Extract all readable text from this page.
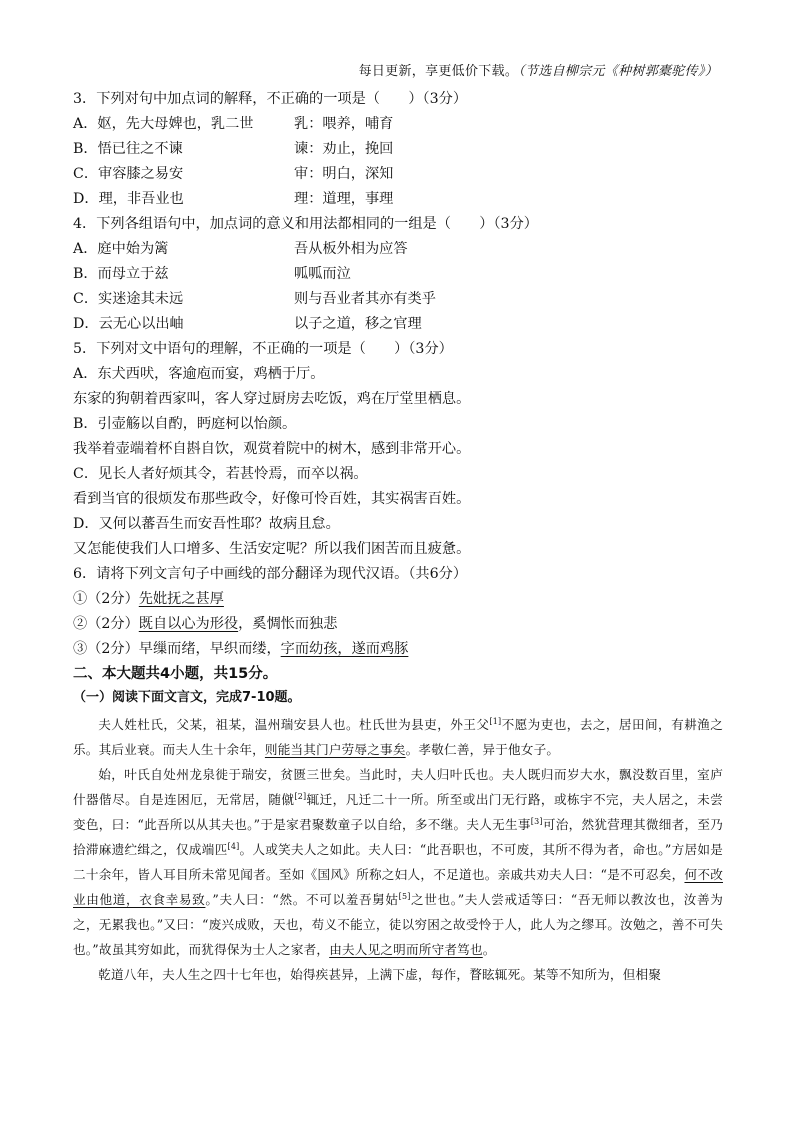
每日更新，享更低价下载。（节选自柳宗元《种树郭橐驼传》）
3．下列对句中加点词的解释，不正确的一项是（　　）（3分）
A．妪，先大母婢也，乳二世	乳：喂养，哺育
B．悟已往之不谏	谏：劝止，挽回
C．审容膝之易安	审：明白，深知
D．理，非吾业也	理：道理，事理
4．下列各组语句中，加点词的意义和用法都相同的一组是（　　）（3分）
A．庭中始为篱	吾从板外相为应答
B．而母立于兹	呱呱而泣
C．实迷途其未远	则与吾业者其亦有类乎
D．云无心以出岫	以子之道，移之官理
5．下列对文中语句的理解，不正确的一项是（　　）（3分）
A．东犬西吠，客逾庖而宴，鸡栖于厅。
东家的狗朝着西家叫，客人穿过厨房去吃饭，鸡在厅堂里栖息。
B．引壶觞以自酌，眄庭柯以怡颜。
我举着壶端着杯自斟自饮，观赏着院中的树木，感到非常开心。
C．见长人者好烦其令，若甚怜焉，而卒以祸。
看到当官的很烦发布那些政令，好像可怜百姓，其实祸害百姓。
D．又何以蕃吾生而安吾性耶？故病且怠。
又怎能使我们人口增多、生活安定呢？所以我们困苦而且疲惫。
6．请将下列文言句子中画线的部分翻译为现代汉语。（共6分）
①（2分）先妣抚之甚厚
②（2分）既自以心为形役，奚惆怅而独悲
③（2分）早缫而绪，早织而缕，字而幼孩，遂而鸡豚
二、本大题共4小题，共15分。
（一）阅读下面文言文，完成7-10题。

夫人姓杜氏，父某，祖某，温州瑞安县人也。杜氏世为县吏，外王父[1]不愿为吏也，去之，居田间，有耕渔之乐。其后业衰。而夫人生十余年，则能当其门户劳辱之事矣。孝敬仁善，异于他女子。

始，叶氏自处州龙泉徙于瑞安，贫匮三世矣。当此时，夫人归叶氏也。夫人既归而岁大水，飘没数百里，室庐什器偕尽。自是连困厄，无常居，随僦[2]辄迁，凡迁二十一所。所至或出门无行路，或栋宇不完，夫人居之，未尝变色，曰：“此吾所以从其夫也。”于是家君聚数童子以自给，多不继。夫人无生事[3]可治，然犹营理其微细者，至乃拾滞麻遗纻缉之，仅成端匹[4]。人或笑夫人之如此。夫人曰：“此吾职也，不可废，其所不得为者，命也。”方居如是二十余年，皆人耳目所未常见闻者。至如《国风》所称之妇人，不足道也。亲戚共劝夫人曰：“是不可忍矣，何不改业由他道，衣食幸易致。”夫人曰：“然。不可以羞吾舅姑[5]之世也。”夫人尝戒适等曰：“吾无师以教汝也，汝善为之，无累我也。”又曰：“废兴成败，天也，苟义不能立，徒以穷困之故受怜于人，此人为之缪耳。汝勉之，善不可失也。”故虽其穷如此，而犹得保为士人之家者，由夫人见之明而所守者笃也。

乾道八年，夫人生之四十七年也，始得疾甚异，上满下虚，每作，瞀眩辄死。某等不知所为，但相聚
